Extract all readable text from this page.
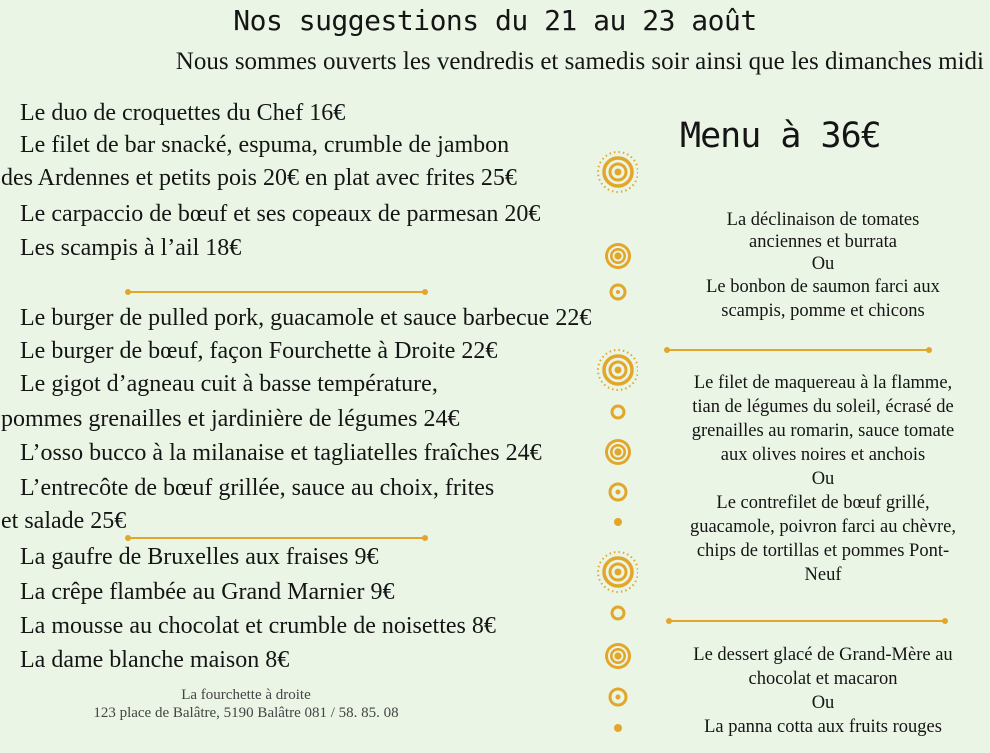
Nos suggestions du 21 au 23 août
Nous sommes ouverts les vendredis et samedis soir ainsi que les dimanches midi
Le duo de croquettes du Chef 16€
Le filet de bar snacké, espuma, crumble de jambon
des Ardennes et petits pois 20€ en plat avec frites 25€
Le carpaccio de bœuf et ses copeaux de parmesan 20€
Les scampis à l’ail 18€
Le burger de pulled pork, guacamole et sauce barbecue 22€
Le burger de bœuf, façon Fourchette à Droite 22€
Le gigot d’agneau cuit à basse température,
pommes grenailles et jardinière de légumes 24€
L’osso bucco à la milanaise et tagliatelles fraîches 24€
L’entrecôte de bœuf grillée, sauce au choix, frites
et salade 25€
La gaufre de Bruxelles aux fraises 9€
La crêpe flambée au Grand Marnier 9€
La mousse au chocolat et crumble de noisettes 8€
La dame blanche maison 8€
La fourchette à droite
123 place de Balâtre, 5190 Balâtre 081 / 58. 85. 08
Menu à 36€
La déclinaison de tomates
anciennes et burrata
Ou
Le bonbon de saumon farci aux
scampis, pomme et chicons
Le filet de maquereau à la flamme,
tian de légumes du soleil, écrasé de
grenailles au romarin, sauce tomate
aux olives noires et anchois
Ou
Le contrefilet de bœuf grillé,
guacamole, poivron farci au chèvre,
chips de tortillas et pommes Pont-
Neuf
Le dessert glacé de Grand-Mère au
chocolat et macaron
Ou
La panna cotta aux fruits rouges
